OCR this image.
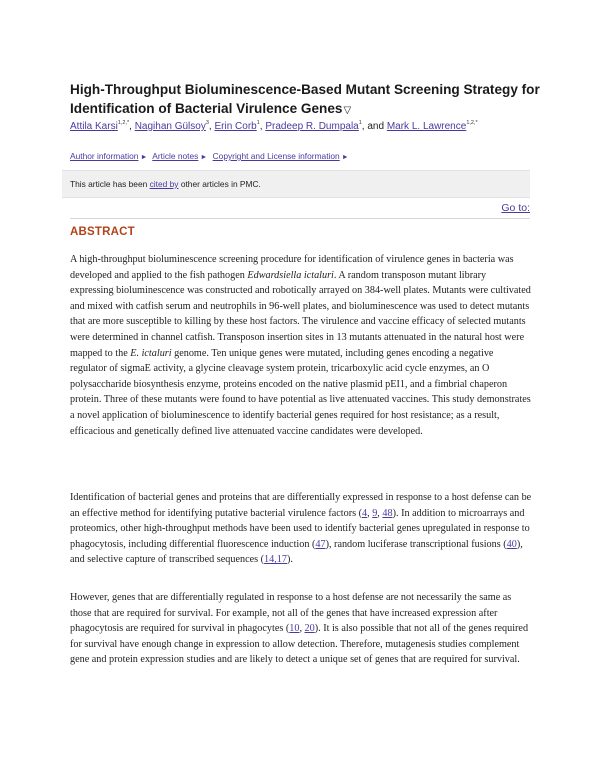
High-Throughput Bioluminescence-Based Mutant Screening Strategy for Identification of Bacterial Virulence Genes▽
Attila Karsi$^{1,2,*}$, Nagihan Gülsoy$^3$, Erin Corb$^1$, Pradeep R. Dumpala$^1$, and Mark L. Lawrence$^{1,2,*}$
Author information ► Article notes ► Copyright and License information ►
This article has been cited by other articles in PMC.
Go to:
ABSTRACT

A high-throughput bioluminescence screening procedure for identification of virulence genes in bacteria was developed and applied to the fish pathogen Edwardsiella ictaluri. A random transposon mutant library expressing bioluminescence was constructed and robotically arrayed on 384-well plates. Mutants were cultivated and mixed with catfish serum and neutrophils in 96-well plates, and bioluminescence was used to detect mutants that are more susceptible to killing by these host factors. The virulence and vaccine efficacy of selected mutants were determined in channel catfish. Transposon insertion sites in 13 mutants attenuated in the natural host were mapped to the E. ictaluri genome. Ten unique genes were mutated, including genes encoding a negative regulator of sigmaE activity, a glycine cleavage system protein, tricarboxylic acid cycle enzymes, an O polysaccharide biosynthesis enzyme, proteins encoded on the native plasmid pEI1, and a fimbrial chaperon protein. Three of these mutants were found to have potential as live attenuated vaccines. This study demonstrates a novel application of bioluminescence to identify bacterial genes required for host resistance; as a result, efficacious and genetically defined live attenuated vaccine candidates were developed.

Identification of bacterial genes and proteins that are differentially expressed in response to a host defense can be an effective method for identifying putative bacterial virulence factors (4, 9, 48). In addition to microarrays and proteomics, other high-throughput methods have been used to identify bacterial genes upregulated in response to phagocytosis, including differential fluorescence induction (47), random luciferase transcriptional fusions (40), and selective capture of transcribed sequences (14,17).

However, genes that are differentially regulated in response to a host defense are not necessarily the same as those that are required for survival. For example, not all of the genes that have increased expression after phagocytosis are required for survival in phagocytes (10, 20). It is also possible that not all of the genes required for survival have enough change in expression to allow detection. Therefore, mutagenesis studies complement gene and protein expression studies and are likely to detect a unique set of genes that are required for survival.
